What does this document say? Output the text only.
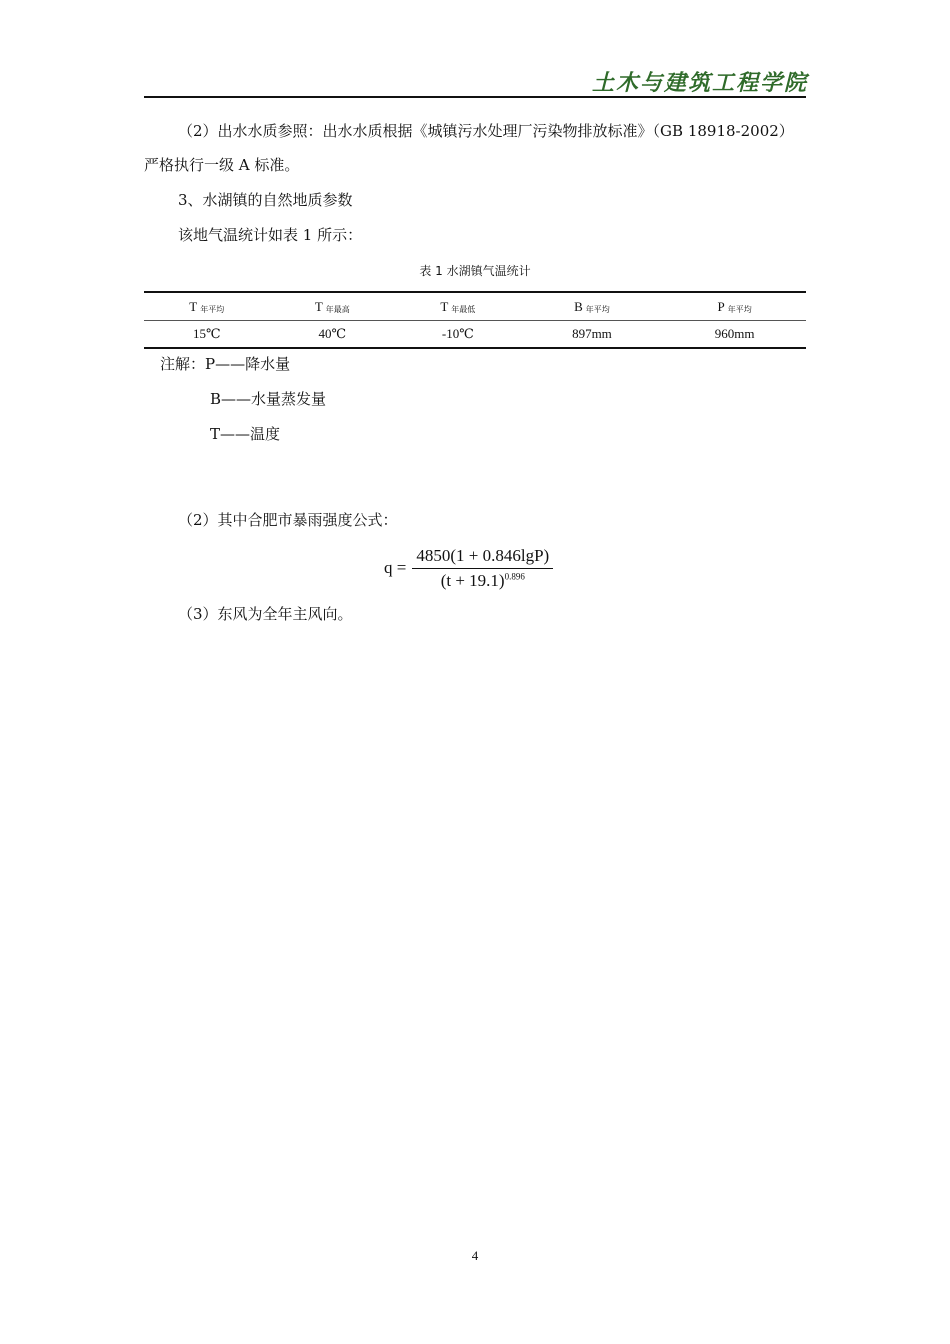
土木与建筑工程学院

（2）出水水质参照：出水水质根据《城镇污水处理厂污染物排放标准》（GB 18918-2002）严格执行一级 A 标准。

3、水湖镇的自然地质参数

该地气温统计如表 1 所示：

表 1 水湖镇气温统计
T 年平均	T 年最高	T 年最低	B 年平均	P 年平均
15℃	40℃	-10℃	897mm	960mm
注解：P——降水量
B——水量蒸发量
T——温度

（2）其中合肥市暴雨强度公式：

$q = \frac{4850(1 + 0.846\lg P)}{(t + 19.1)^{0.896}}$

（3）东风为全年主风向。

4
